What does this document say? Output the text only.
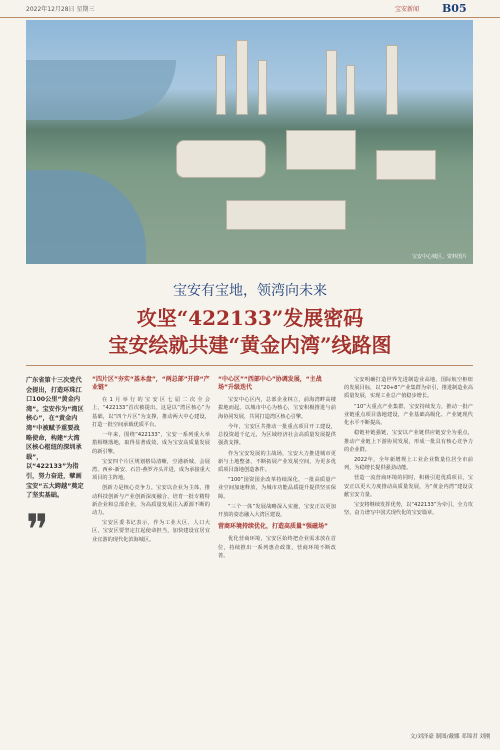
2022年12月28日 星期三	宝安新闻 B05
宝安中心城区。资料图片
宝安有宝地，领湾向未来
攻坚“422133”发展密码
宝安绘就共建“黄金内湾”线路图

广东省第十三次党代会提出，打造环珠江口100公里“黄金内湾”。宝安作为“湾区核心”，在“黄金内湾”中被赋予重要战略使命，构建“大湾区核心枢纽的深圳承载”，以“422133”为指引，努力奋进，擘画宝安“五大跨越”奠定了坚实基础。

❞
“四片区”夯实“基本盘”，“两总部”开辟“产业链”

在1月举行的宝安区七届二次全会上，“422133”首次被提出。这是以“湾区核心”为基础，以“四个片区”为支撑，推动两大中心建设，打造一批空间承载优质平台。

一年来，围绕“422133”，宝安一系列重大举措相继落地，取得显著成效，成为宝安高质量发展的新引擎。

宝安四个片区规划格局清晰，空港新城、会展湾、西乡-新安、石岩-燕罗齐头并进，成为承接重大项目的主阵地。

创新力是核心竞争力。宝安以企业为主体，推动科技创新与产业创新深度融合，培育一批专精特新企业和总部企业，为高质量发展注入源源不断的动力。

宝安区委书记表示，作为工业大区、人口大区，宝安区要坚定扛起使命担当，加快建设宜居宜业宜游的现代化滨海城区。

“中心区”“西部中心”协调发展，“主战场”升级迭代

宝安中心区内，总部企业林立，前海湾畔高楼拔地而起。以城市中心为核心，宝安积极推进与前海协同发展，共同打造湾区核心引擎。

今年，宝安区共推动一批重点项目开工建设，总投资超千亿元，为区域经济社会高质量发展提供强劲支撑。

作为宝安发展的主战场，宝安大力推进城市更新与土地整备，不断拓展产业发展空间，为更多优质项目落地创造条件。

“100”国资国企改革持续深化，一批高质量产业空间加速释放，为城市功能品质提升提供坚实保障。

“三个一体”发展战略深入实施，宝安正以更加开放的姿态融入大湾区建设。

营商环境持续优化，打造高质量“强磁场”

优化营商环境，宝安区始终把企业需求放在首位，持续推出一系列惠企政策，营商环境不断改善。

宝安明确打造世界先进制造业高地、国际航空枢纽的发展目标，以“20+8”产业集群为牵引，推进制造业高质量发展，实现工业总产值稳步增长。

“10”大重点产业集群，宝安持续发力，推动一批产业链重点项目落地建设，产业基础高级化、产业链现代化水平不断提高。

稳链补链强链，宝安以产业链供应链安全为重点，推动产业链上下游协同发展，形成一批具有核心竞争力的企业群。

2022年，全年新增规上工业企业数量位居全市前列，为稳增长提供强劲动能。

营造一流营商环境的同时，积极引进优质项目，宝安正以更大力度推动高质量发展，为“黄金内湾”建设贡献宝安力量。

宝安将继续发挥优势，以“422133”为牵引，全力攻坚，奋力谱写中国式现代化的宝安篇章。

文/刘泽豪 制图/戴娜 邓锦君 刘刚
